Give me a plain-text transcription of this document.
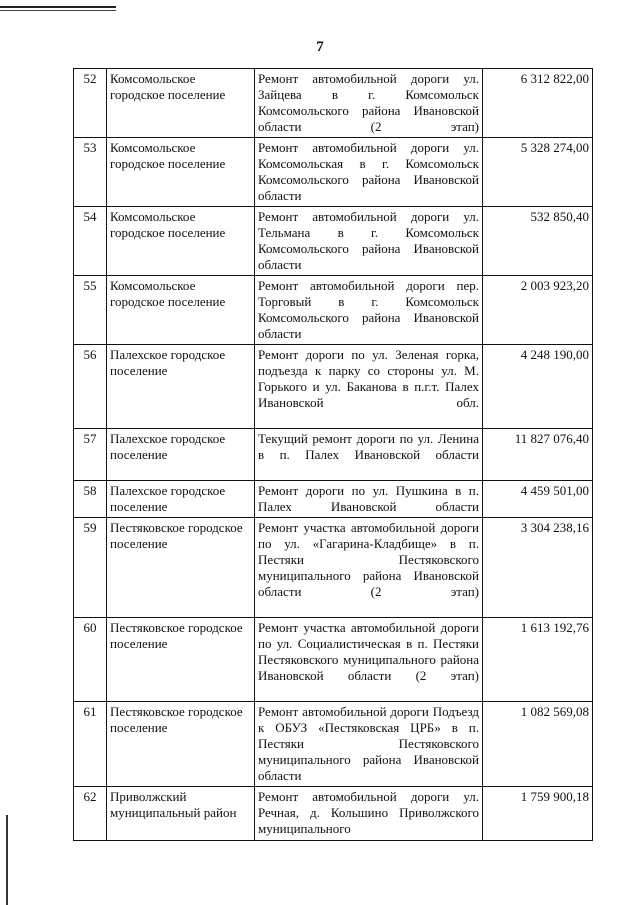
7
52	Комсомольское городское поселение	Ремонт автомобильной дороги ул. Зайцева в г. Комсомольск Комсомольского района Ивановской области (2 этап)	6 312 822,00
53	Комсомольское городское поселение	Ремонт автомобильной дороги ул. Комсомольская в г. Комсомольск Комсомольского района Ивановской области	5 328 274,00
54	Комсомольское городское поселение	Ремонт автомобильной дороги ул. Тельмана в г. Комсомольск Комсомольского района Ивановской области	532 850,40
55	Комсомольское городское поселение	Ремонт автомобильной дороги пер. Торговый в г. Комсомольск Комсомольского района Ивановской области	2 003 923,20
56	Палехское городское поселение	Ремонт дороги по ул. Зеленая горка, подъезда к парку со стороны ул. М. Горького и ул. Баканова в п.г.т. Палех Ивановской обл.	4 248 190,00
57	Палехское городское поселение	Текущий ремонт дороги по ул. Ленина в п. Палех Ивановской области	11 827 076,40
58	Палехское городское поселение	Ремонт дороги по ул. Пушкина в п. Палех Ивановской области	4 459 501,00
59	Пестяковское городское поселение	Ремонт участка автомобильной дороги по ул. «Гагарина-Кладбище» в п. Пестяки Пестяковского муниципального района Ивановской области (2 этап)	3 304 238,16
60	Пестяковское городское поселение	Ремонт участка автомобильной дороги по ул. Социалистическая в п. Пестяки Пестяковского муниципального района Ивановской области (2 этап)	1 613 192,76
61	Пестяковское городское поселение	Ремонт автомобильной дороги Подъезд к ОБУЗ «Пестяковская ЦРБ» в п. Пестяки Пестяковского муниципального района Ивановской области	1 082 569,08
62	Приволжский муниципальный район	Ремонт автомобильной дороги ул. Речная, д. Кольшино Приволжского муниципального	1 759 900,18
